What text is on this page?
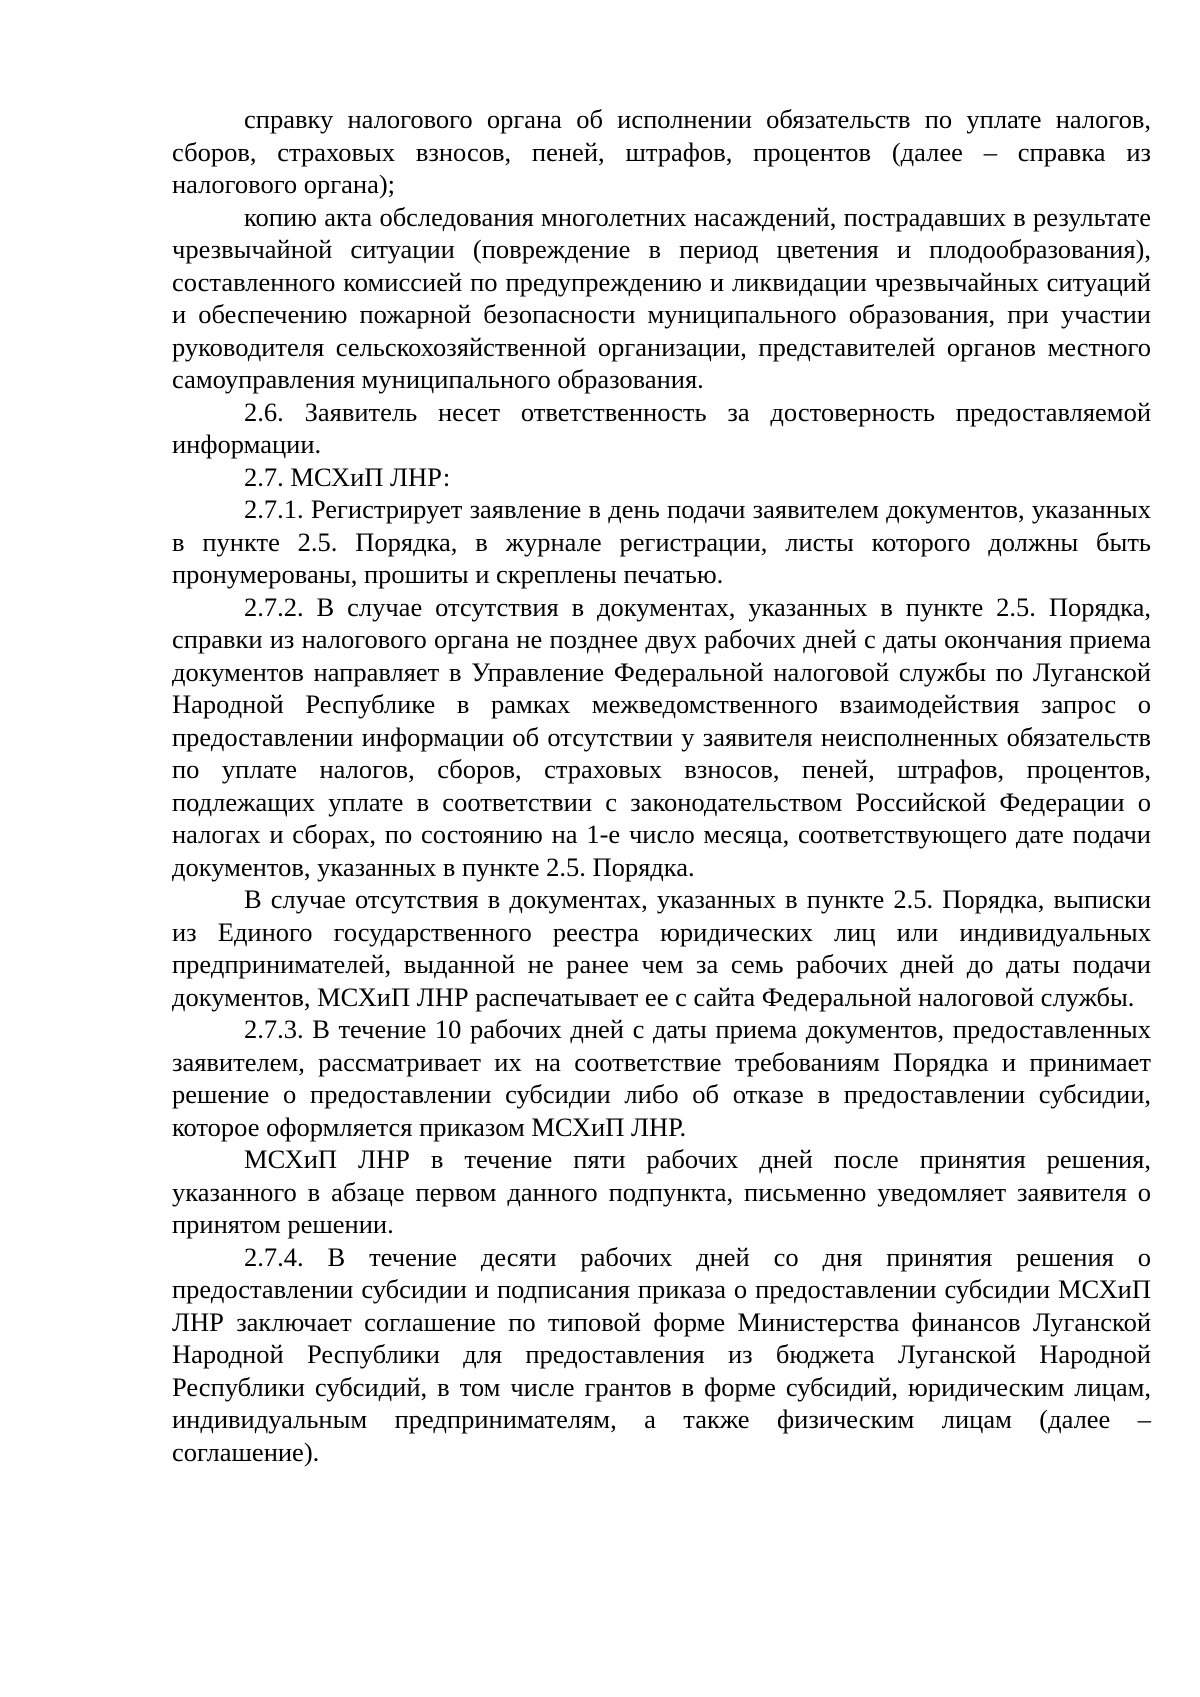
справку налогового органа об исполнении обязательств по уплате налогов, сборов, страховых взносов, пеней, штрафов, процентов (далее – справка из налогового органа);

копию акта обследования многолетних насаждений, пострадавших в результате чрезвычайной ситуации (повреждение в период цветения и плодообразования), составленного комиссией по предупреждению и ликвидации чрезвычайных ситуаций и обеспечению пожарной безопасности муниципального образования, при участии руководителя сельскохозяйственной организации, представителей органов местного самоуправления муниципального образования.

2.6. Заявитель несет ответственность за достоверность предоставляемой информации.

2.7. МСХиП ЛНР:

2.7.1. Регистрирует заявление в день подачи заявителем документов, указанных в пункте 2.5. Порядка, в журнале регистрации, листы которого должны быть пронумерованы, прошиты и скреплены печатью.

2.7.2. В случае отсутствия в документах, указанных в пункте 2.5. Порядка, справки из налогового органа не позднее двух рабочих дней с даты окончания приема документов направляет в Управление Федеральной налоговой службы по Луганской Народной Республике в рамках межведомственного взаимодействия запрос о предоставлении информации об отсутствии у заявителя неисполненных обязательств по уплате налогов, сборов, страховых взносов, пеней, штрафов, процентов, подлежащих уплате в соответствии с законодательством Российской Федерации о налогах и сборах, по состоянию на 1-е число месяца, соответствующего дате подачи документов, указанных в пункте 2.5. Порядка.

В случае отсутствия в документах, указанных в пункте 2.5. Порядка, выписки из Единого государственного реестра юридических лиц или индивидуальных предпринимателей, выданной не ранее чем за семь рабочих дней до даты подачи документов, МСХиП ЛНР распечатывает ее с сайта Федеральной налоговой службы.

2.7.3. В течение 10 рабочих дней с даты приема документов, предоставленных заявителем, рассматривает их на соответствие требованиям Порядка и принимает решение о предоставлении субсидии либо об отказе в предоставлении субсидии, которое оформляется приказом МСХиП ЛНР.

МСХиП ЛНР в течение пяти рабочих дней после принятия решения, указанного в абзаце первом данного подпункта, письменно уведомляет заявителя о принятом решении.

2.7.4. В течение десяти рабочих дней со дня принятия решения о предоставлении субсидии и подписания приказа о предоставлении субсидии МСХиП ЛНР заключает соглашение по типовой форме Министерства финансов Луганской Народной Республики для предоставления из бюджета Луганской Народной Республики субсидий, в том числе грантов в форме субсидий, юридическим лицам, индивидуальным предпринимателям, а также физическим лицам (далее – соглашение).
